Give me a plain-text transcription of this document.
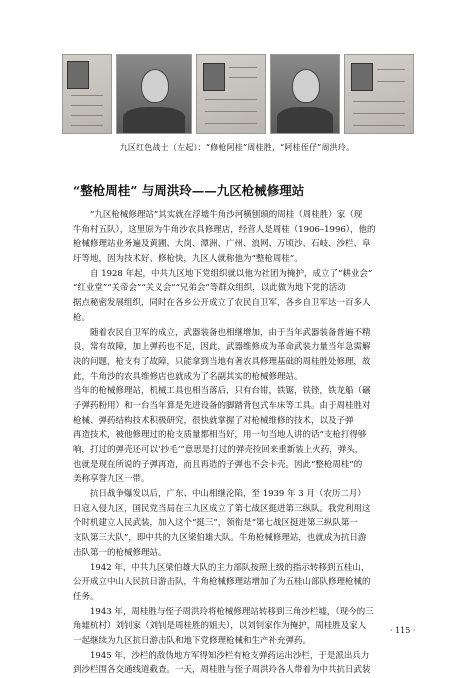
九区红色战士（左起）：“修枪阿桂”周桂胜，“阿桂侄仔”周洪玲。
“整枪周桂” 与周洪玲——九区枪械修理站
“九区枪械修理站”其实就在浮墟牛角沙河横刨頭的周桂（周桂胜）家（现
牛角村五队），这里原为牛角沙农具修理店，经营人是周桂（1906–1996），他的
枪械修理站业务遍及黄圃、大岗、潭洲、广州、浪网、万顷沙、石岐、沙栏、阜
圩等地，因为技术好、修枪快，九区人就称他为“整枪周桂”。
自 1928 年起，中共九区地下党组织就以他为社团为掩护，成立了“耕业会”
“红业堂”“关帝会”“关义会”“兄弟会”等群众组织，以此做为地下党的活动
据点秘密发展组织，同时在各乡公开成立了农民自卫军，各乡自卫军达一百多人
枪。
随着农民自卫军的成立，武器装备也相继增加，由于当年武器装备普遍不精
良，常有故障，加上弹药也不足，因此，武器维修成为革命武装力量当年急需解
决的问题，枪支有了故障，只能拿到当地有著农具修理基础的周桂胜处修理，故
此，牛角沙的农具维修店也就成为了名副其实的枪械修理站。
当年的枪械修理站，机械工具也相当落后，只有台钳，铁锯，铁锉，铁龙船（碾
子弹药粉用）和一台当年算是先进设备的脚踏背包式车床等工具。由于周桂胜对
枪械、弹药结构技术积极研究，很快就掌握了对枪械维修的技术，以及子弹
再造技术，被他修理过的枪支质量都相当好，用一句当地人讲的话“支枪打得够
响，打过的弹壳还可以‘抄毛’”意思是打过的弹壳捡回来重新装上火药，弹头，
也就是现在所说的子弹再造，而且再造的子弹也不会卡壳。因此“整枪周桂”的
美称享誉九区一带。
抗日战争爆发以后，广东、中山相继沦陷，至 1939 年 3 月（农历二月）
日寇入侵九区，国民党当局在三九区成立了第七战区挺进第三纵队。我党利用这
个时机建立人民武装，加入这个“挺三”，领衔是“第七战区挺进第三纵队第一
支队第三大队”，即中共的九区梁伯雄大队。牛角枪械修理站，也就成为抗日游
击队第一的枪械修理站。
1942 年，中共九区梁伯雄大队的主力部队按照上级的指示转移到五桂山，
公开成立中山人民抗日游击队，牛角枪械修理站增加了为五桂山部队修理枪械的
任务。
1943 年，周桂胜与侄子周洪玲将枪械修理站转移到三角沙栏墟，（现今的三
角墟杭村）刘钊家（刘钊是周桂胜的姐夫），以刘钊家作为掩护，周桂胜及家人
一起继续为九区抗日游击队和地下党修理枪械和生产补充弹药。
1945 年，沙栏的敌伪地方军得知沙栏有枪支弹药运出沙栏，于是派出兵力
到沙栏围各交通线道截查。一天，周桂胜与侄子周洪玲各人带着为中共抗日武装
· 115 ·
